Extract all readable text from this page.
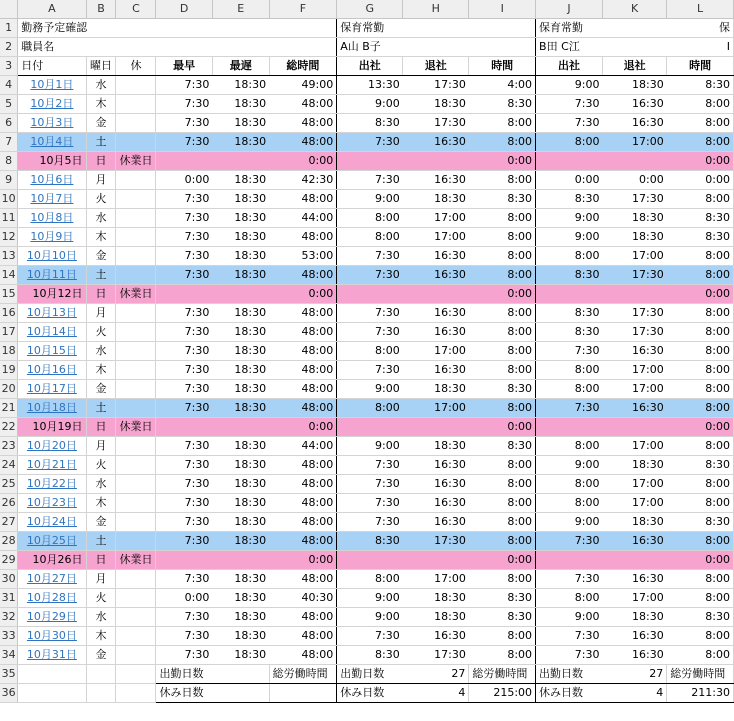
	A	B	C	D	E	F	G	H	I	J	K	L
1	勤務予定確認						保育常勤			保育常勤		保
2	職員名						A山 B子			B田 C江		I
3	日付	曜日	休	最早	最遅	総時間	出社	退社	時間	出社	退社	時間
4	10月1日	水		7:30	18:30	49:00	13:30	17:30	4:00	9:00	18:30	8:30
5	10月2日	木		7:30	18:30	48:00	9:00	18:30	8:30	7:30	16:30	8:00
6	10月3日	金		7:30	18:30	48:00	8:30	17:30	8:00	7:30	16:30	8:00
7	10月4日	土		7:30	18:30	48:00	7:30	16:30	8:00	8:00	17:00	8:00
8	10月5日	日	休業日			0:00			0:00			0:00
9	10月6日	月		0:00	18:30	42:30	7:30	16:30	8:00	0:00	0:00	0:00
10	10月7日	火		7:30	18:30	48:00	9:00	18:30	8:30	8:30	17:30	8:00
11	10月8日	水		7:30	18:30	44:00	8:00	17:00	8:00	9:00	18:30	8:30
12	10月9日	木		7:30	18:30	48:00	8:00	17:00	8:00	9:00	18:30	8:30
13	10月10日	金		7:30	18:30	53:00	7:30	16:30	8:00	8:00	17:00	8:00
14	10月11日	土		7:30	18:30	48:00	7:30	16:30	8:00	8:30	17:30	8:00
15	10月12日	日	休業日			0:00			0:00			0:00
16	10月13日	月		7:30	18:30	48:00	7:30	16:30	8:00	8:30	17:30	8:00
17	10月14日	火		7:30	18:30	48:00	7:30	16:30	8:00	8:30	17:30	8:00
18	10月15日	水		7:30	18:30	48:00	8:00	17:00	8:00	7:30	16:30	8:00
19	10月16日	木		7:30	18:30	48:00	7:30	16:30	8:00	8:00	17:00	8:00
20	10月17日	金		7:30	18:30	48:00	9:00	18:30	8:30	8:00	17:00	8:00
21	10月18日	土		7:30	18:30	48:00	8:00	17:00	8:00	7:30	16:30	8:00
22	10月19日	日	休業日			0:00			0:00			0:00
23	10月20日	月		7:30	18:30	44:00	9:00	18:30	8:30	8:00	17:00	8:00
24	10月21日	火		7:30	18:30	48:00	7:30	16:30	8:00	9:00	18:30	8:30
25	10月22日	水		7:30	18:30	48:00	7:30	16:30	8:00	8:00	17:00	8:00
26	10月23日	木		7:30	18:30	48:00	7:30	16:30	8:00	8:00	17:00	8:00
27	10月24日	金		7:30	18:30	48:00	7:30	16:30	8:00	9:00	18:30	8:30
28	10月25日	土		7:30	18:30	48:00	8:30	17:30	8:00	7:30	16:30	8:00
29	10月26日	日	休業日			0:00			0:00			0:00
30	10月27日	月		7:30	18:30	48:00	8:00	17:00	8:00	7:30	16:30	8:00
31	10月28日	火		0:00	18:30	40:30	9:00	18:30	8:30	8:00	17:00	8:00
32	10月29日	水		7:30	18:30	48:00	9:00	18:30	8:30	9:00	18:30	8:30
33	10月30日	木		7:30	18:30	48:00	7:30	16:30	8:00	7:30	16:30	8:00
34	10月31日	金		7:30	18:30	48:00	8:30	17:30	8:00	7:30	16:30	8:00
35				出勤日数		総労働時間	出勤日数	27	総労働時間	出勤日数	27	総労働時間
36				休み日数			休み日数	4	215:00	休み日数	4	211:30
